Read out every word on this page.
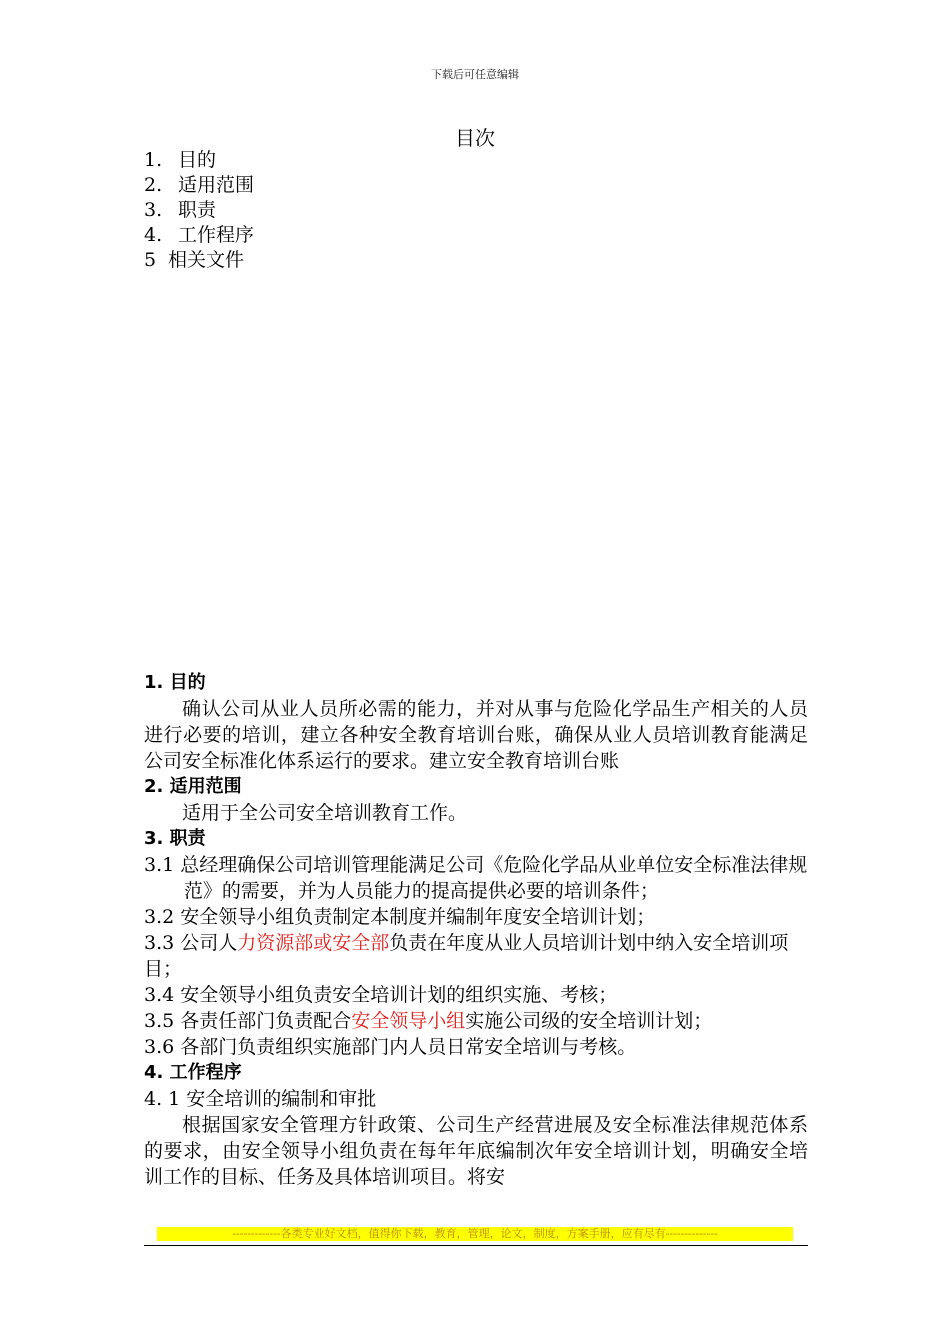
下载后可任意编辑
目次
1. 目的
2. 适用范围
3. 职责
4. 工作程序
5 相关文件
1. 目的
确认公司从业人员所必需的能力，并对从事与危险化学品生产相关的人员进行必要的培训，建立各种安全教育培训台账，确保从业人员培训教育能满足公司安全标准化体系运行的要求。建立安全教育培训台账
2. 适用范围
适用于全公司安全培训教育工作。
3. 职责
3.1 总经理确保公司培训管理能满足公司《危险化学品从业单位安全标准法律规范》的需要，并为人员能力的提高提供必要的培训条件；
3.2 安全领导小组负责制定本制度并编制年度安全培训计划；
3.3 公司人力资源部或安全部负责在年度从业人员培训计划中纳入安全培训项目；
3.4 安全领导小组负责安全培训计划的组织实施、考核；
3.5 各责任部门负责配合安全领导小组实施公司级的安全培训计划；
3.6 各部门负责组织实施部门内人员日常安全培训与考核。
4. 工作程序
4. 1 安全培训的编制和审批
根据国家安全管理方针政策、公司生产经营进展及安全标准法律规范体系的要求，由安全领导小组负责在每年年底编制次年安全培训计划，明确安全培训工作的目标、任务及具体培训项目。将安
-------------各类专业好文档，值得你下载，教育，管理，论文，制度，方案手册，应有尽有--------------
